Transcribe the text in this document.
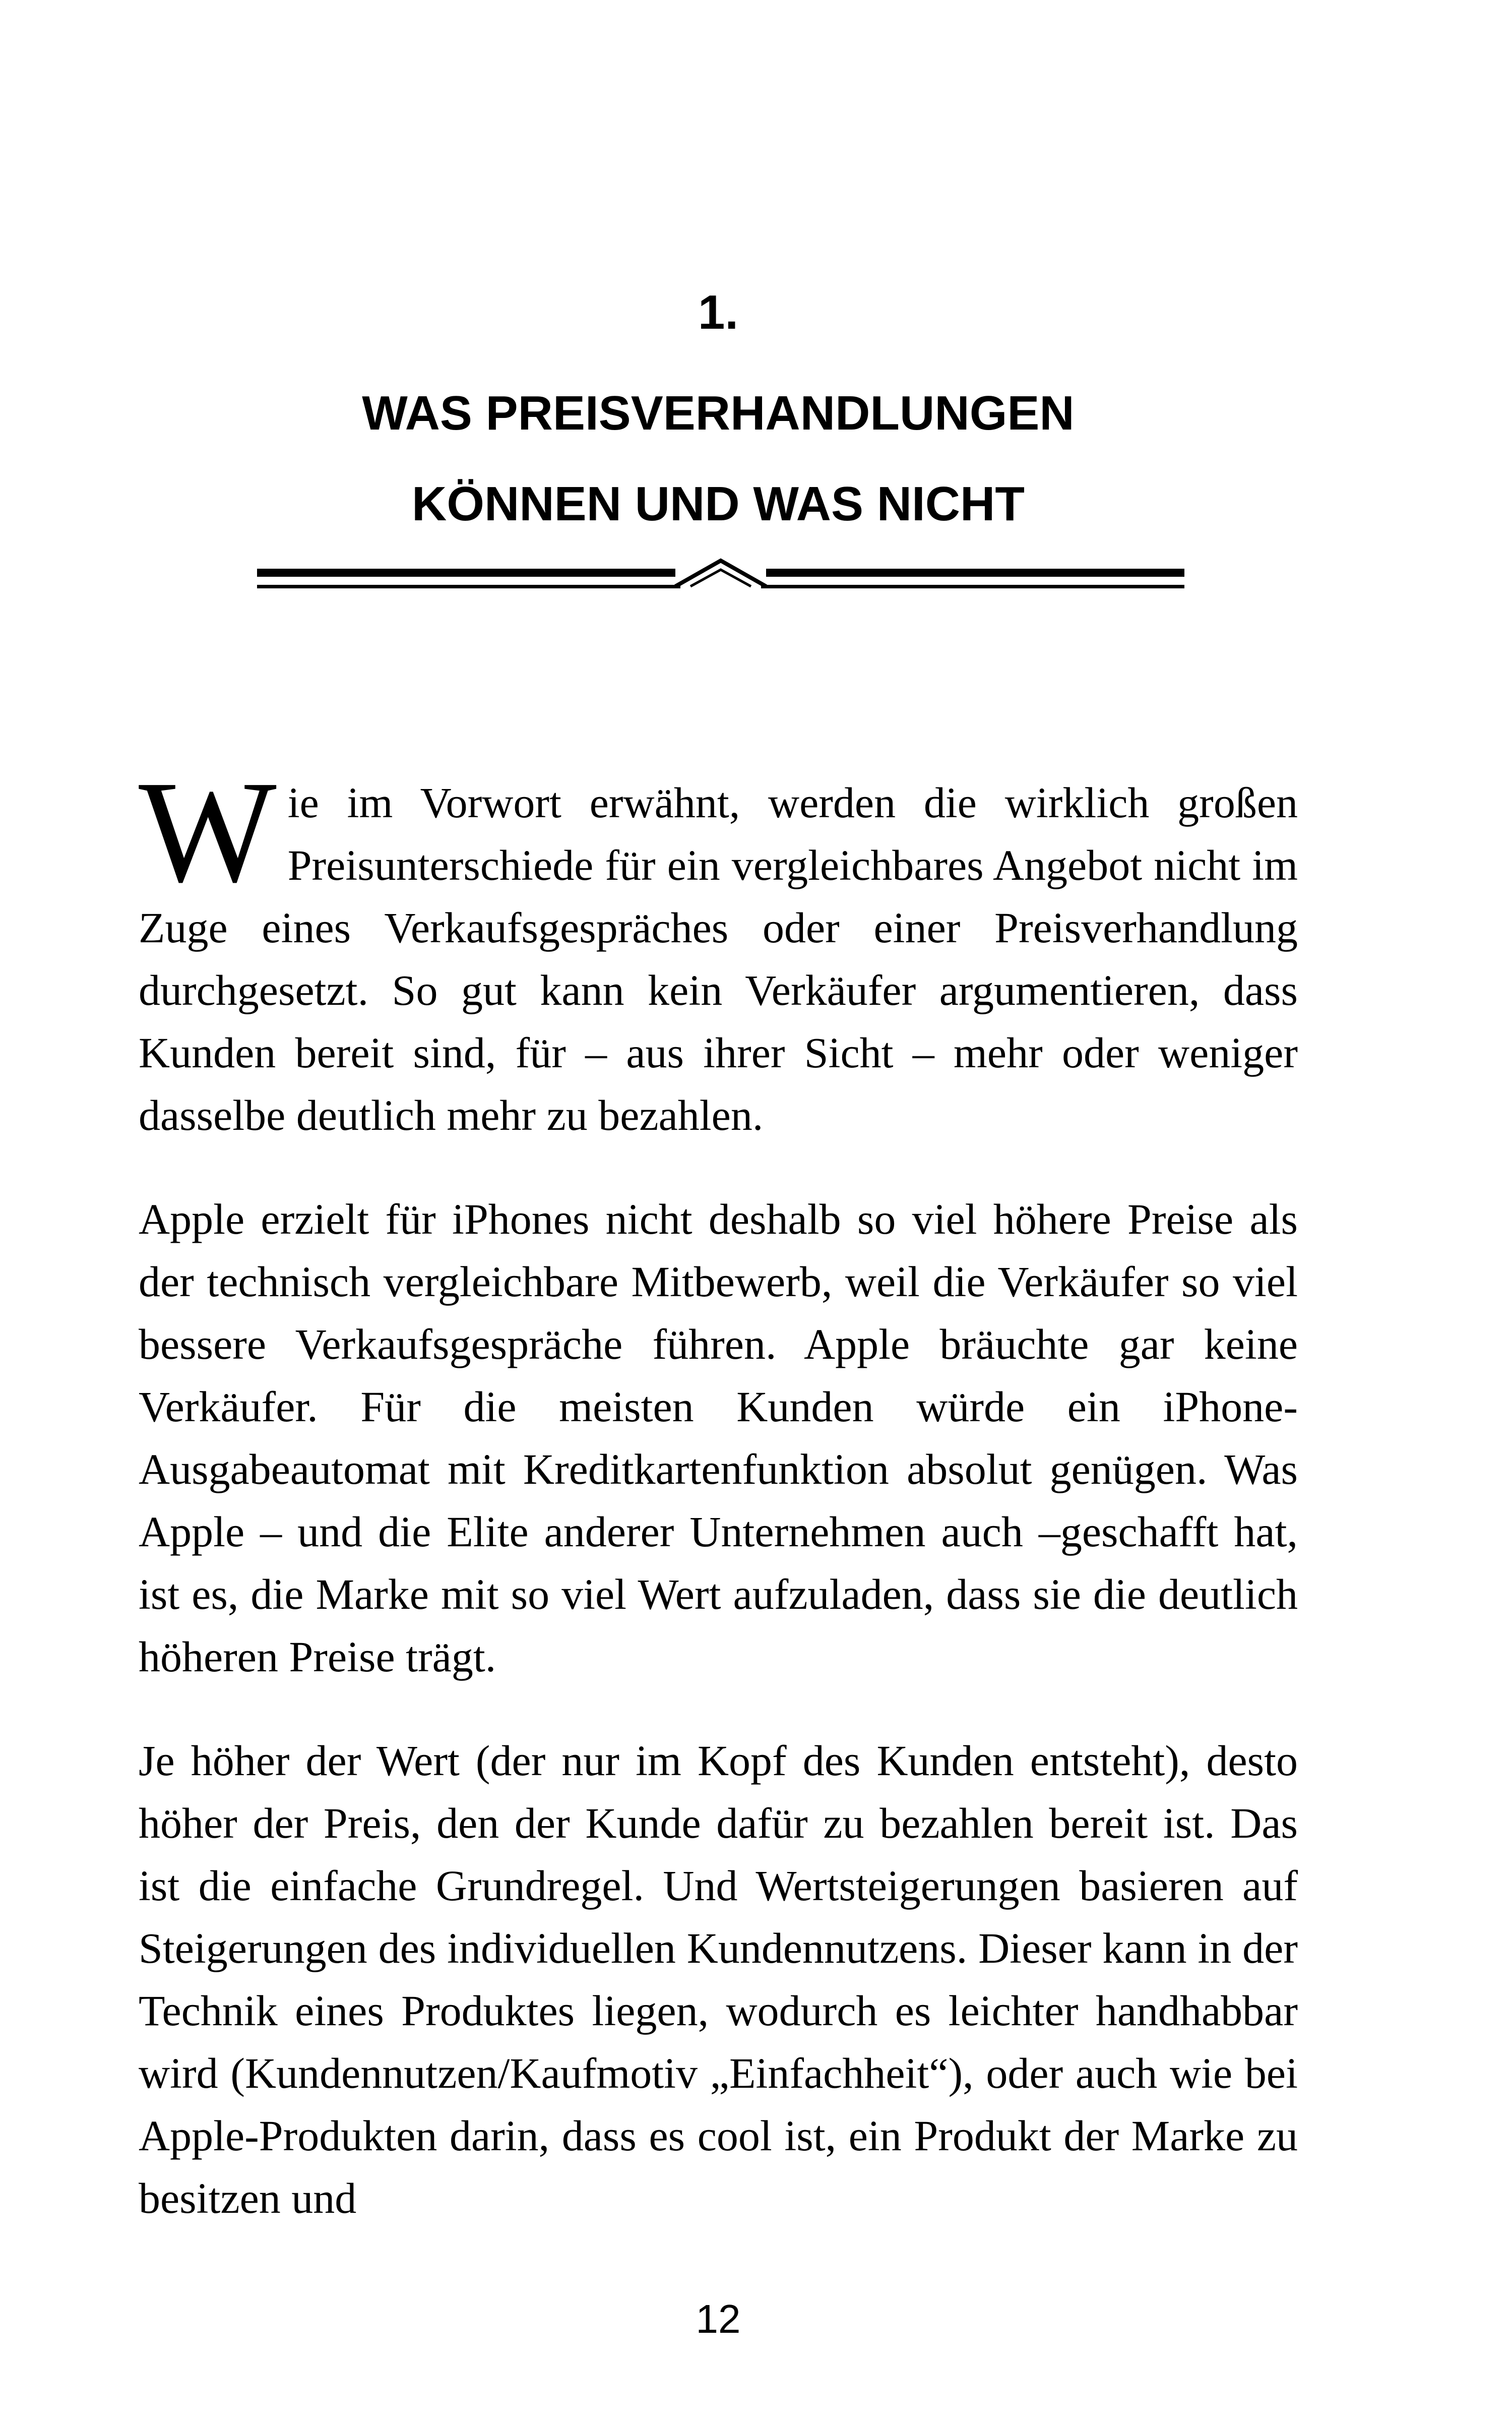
1.
WAS PREISVERHANDLUNGEN
KÖNNEN UND WAS NICHT

Wie im Vorwort erwähnt, werden die wirklich großen Preisunterschiede für ein vergleichbares Angebot nicht im Zuge eines Verkaufsgespräches oder einer Preisverhandlung durchgesetzt. So gut kann kein Verkäufer argumentieren, dass Kunden bereit sind, für – aus ihrer Sicht – mehr oder weniger dasselbe deutlich mehr zu bezahlen.

Apple erzielt für iPhones nicht deshalb so viel höhere Preise als der technisch vergleichbare Mitbewerb, weil die Verkäufer so viel bessere Verkaufsgespräche führen. Apple bräuchte gar keine Verkäufer. Für die meisten Kunden würde ein iPhone-Ausgabeautomat mit Kreditkartenfunktion absolut genügen. Was Apple – und die Elite anderer Unternehmen auch –geschafft hat, ist es, die Marke mit so viel Wert aufzuladen, dass sie die deutlich höheren Preise trägt.

Je höher der Wert (der nur im Kopf des Kunden entsteht), desto höher der Preis, den der Kunde dafür zu bezahlen bereit ist. Das ist die einfache Grundregel. Und Wertsteigerungen basieren auf Steigerungen des individuellen Kundennutzens. Dieser kann in der Technik eines Produktes liegen, wodurch es leichter handhabbar wird (Kundennutzen/Kaufmotiv „Einfachheit“), oder auch wie bei Apple-Produkten darin, dass es cool ist, ein Produkt der Marke zu besitzen und

12
